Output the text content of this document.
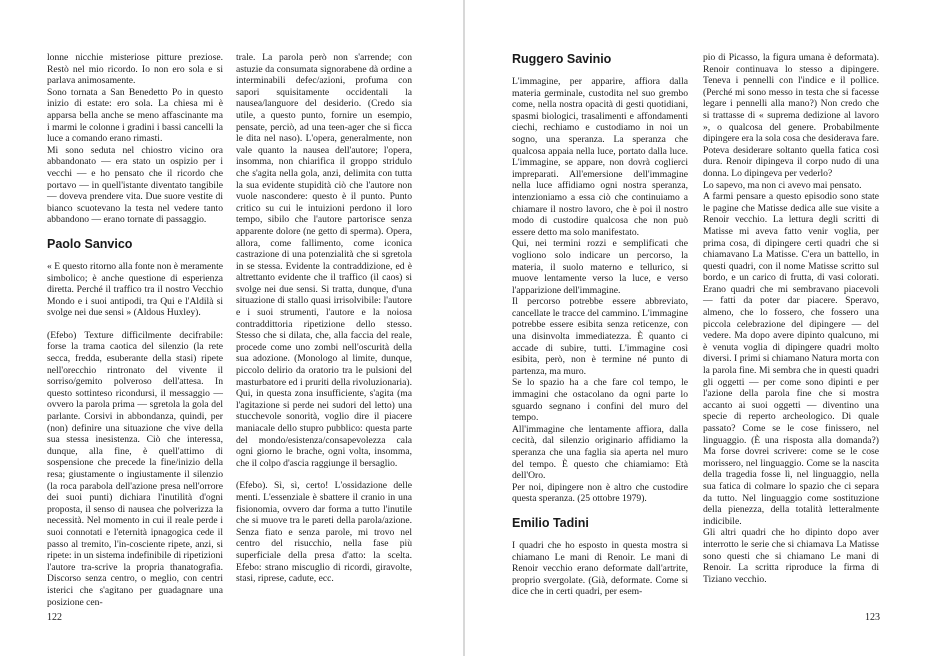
lonne nicchie misteriose pitture preziose. Restò nel mio ricordo. Io non ero sola e si parlava animosamente.

Sono tornata a San Benedetto Po in questo inizio di estate: ero sola. La chiesa mi è apparsa bella anche se meno affascinante ma i marmi le colonne i gradini i bassi cancelli la luce a comando erano rimasti.

Mi sono seduta nel chiostro vicino ora abbandonato — era stato un ospizio per i vecchi — e ho pensato che il ricordo che portavo — in quell'istante diventato tangibile — doveva prendere vita. Due suore vestite di bianco scuotevano la testa nel vedere tanto abbandono — erano tornate di passaggio.

Paolo Sanvico

« E questo ritorno alla fonte non è meramente simbolico; è anche questione di esperienza diretta. Perché il traffico tra il nostro Vecchio Mondo e i suoi antipodi, tra Qui e l'Aldilà si svolge nei due sensi » (Aldous Huxley).

(Efebo) Texture difficilmente decifrabile: forse la trama caotica del silenzio (la rete secca, fredda, esuberante della stasi) ripete nell'orecchio rintronato del vivente il sorriso/gemito polveroso dell'attesa. In questo sottinteso ricondursi, il messaggio — ovvero la parola prima — sgretola la gola del parlante. Corsivi in abbondanza, quindi, per (non) definire una situazione che vive della sua stessa inesistenza. Ciò che interessa, dunque, alla fine, è quell'attimo di sospensione che precede la fine/inizio della resa; giustamente o ingiustamente il silenzio (la roca parabola dell'azione presa nell'orrore dei suoi punti) dichiara l'inutilità d'ogni proposta, il senso di nausea che polverizza la necessità. Nel momento in cui il reale perde i suoi connotati e l'eternità ipnagogica cede il passo al tremito, l'in-cosciente ripete, anzi, si ripete: in un sistema indefinibile di ripetizioni l'autore tra-scrive la propria thanatografia. Discorso senza centro, o meglio, con centri isterici che s'agitano per guadagnare una posizione cen-

trale. La parola però non s'arrende; con astuzie da consumata signorabene dà ordine a interminabili defec/azioni, profuma con sapori squisitamente occidentali la nausea/languore del desiderio. (Credo sia utile, a questo punto, fornire un esempio, pensate, perciò, ad una teen-ager che si ficca le dita nel naso). L'opera, generalmente, non vale quanto la nausea dell'autore; l'opera, insomma, non chiarifica il groppo stridulo che s'agita nella gola, anzi, delimita con tutta la sua evidente stupidità ciò che l'autore non vuole nascondere: questo è il punto. Punto critico su cui le intuizioni perdono il loro tempo, sibilo che l'autore partorisce senza apparente dolore (ne getto di sperma). Opera, allora, come fallimento, come iconica castrazione di una potenzialità che si sgretola in se stessa. Evidente la contraddizione, ed è altrettanto evidente che il traffico (il caos) si svolge nei due sensi. Si tratta, dunque, d'una situazione di stallo quasi irrisolvibile: l'autore e i suoi strumenti, l'autore e la noiosa contraddittoria ripetizione dello stesso. Stesso che si dilata, che, alla faccia del reale, procede come uno zombi nell'oscurità della sua adozione. (Monologo al limite, dunque, piccolo delirio da oratorio tra le pulsioni del masturbatore ed i pruriti della rivoluzionaria). Qui, in questa zona insufficiente, s'agita (ma l'agitazione si perde nei sudori del letto) una stucchevole sonorità, voglio dire il piacere maniacale dello stupro pubblico: questa parte del mondo/esistenza/consapevolezza cala ogni giorno le brache, ogni volta, insomma, che il colpo d'ascia raggiunge il bersaglio.

(Efebo). Sì, sì, certo! L'ossidazione delle menti. L'essenziale è sbattere il cranio in una fisionomia, ovvero dar forma a tutto l'inutile che si muove tra le pareti della parola/azione. Senza fiato e senza parole, mi trovo nel centro del risucchio, nella fase più superficiale della presa d'atto: la scelta. Efebo: strano miscuglio di ricordi, giravolte, stasi, riprese, cadute, ecc.

122
Ruggero Savinio

L'immagine, per apparire, affiora dalla materia germinale, custodita nel suo grembo come, nella nostra opacità di gesti quotidiani, spasmi biologici, trasalimenti e affondamenti ciechi, rechiamo e custodiamo in noi un sogno, una speranza. La speranza che qualcosa appaia nella luce, portato dalla luce. L'immagine, se appare, non dovrà coglierci impreparati. All'emersione dell'immagine nella luce affidiamo ogni nostra speranza, intenzioniamo a essa ciò che continuiamo a chiamare il nostro lavoro, che è poi il nostro modo di custodire qualcosa che non può essere detto ma solo manifestato.

Qui, nei termini rozzi e semplificati che vogliono solo indicare un percorso, la materia, il suolo materno e tellurico, si muove lentamente verso la luce, e verso l'apparizione dell'immagine.

Il percorso potrebbe essere abbreviato, cancellate le tracce del cammino. L'immagine potrebbe essere esibita senza reticenze, con una disinvolta immediatezza. È quanto ci accade di subire, tutti. L'immagine così esibita, però, non è termine né punto di partenza, ma muro.

Se lo spazio ha a che fare col tempo, le immagini che ostacolano da ogni parte lo sguardo segnano i confini del muro del tempo.

All'immagine che lentamente affiora, dalla cecità, dal silenzio originario affidiamo la speranza che una faglia sia aperta nel muro del tempo. È questo che chiamiamo: Età dell'Oro.

Per noi, dipingere non è altro che custodire questa speranza. (25 ottobre 1979).

Emilio Tadini

I quadri che ho esposto in questa mostra si chiamano Le mani di Renoir. Le mani di Renoir vecchio erano deformate dall'artrite, proprio svergolate. (Già, deformate. Come si dice che in certi quadri, per esem-

pio di Picasso, la figura umana è deformata). Renoir continuava lo stesso a dipingere. Teneva i pennelli con l'indice e il pollice. (Perché mi sono messo in testa che si facesse legare i pennelli alla mano?) Non credo che si trattasse di « suprema dedizione al lavoro », o qualcosa del genere. Probabilmente dipingere era la sola cosa che desiderava fare. Poteva desiderare soltanto quella fatica così dura. Renoir dipingeva il corpo nudo di una donna. Lo dipingeva per vederlo?

Lo sapevo, ma non ci avevo mai pensato.

A farmi pensare a questo episodio sono state le pagine che Matisse dedica alle sue visite a Renoir vecchio. La lettura degli scritti di Matisse mi aveva fatto venir voglia, per prima cosa, di dipingere certi quadri che si chiamavano La Matisse. C'era un battello, in questi quadri, con il nome Matisse scritto sul bordo, e un carico di frutta, di vasi colorati. Erano quadri che mi sembravano piacevoli — fatti da poter dar piacere. Speravo, almeno, che lo fossero, che fossero una piccola celebrazione del dipingere — del vedere. Ma dopo avere dipinto qualcuno, mi è venuta voglia di dipingere quadri molto diversi. I primi si chiamano Natura morta con la parola fine. Mi sembra che in questi quadri gli oggetti — per come sono dipinti e per l'azione della parola fine che si mostra accanto ai suoi oggetti — diventino una specie di reperto archeologico. Di quale passato? Come se le cose finissero, nel linguaggio. (È una risposta alla domanda?) Ma forse dovrei scrivere: come se le cose morissero, nel linguaggio. Come se la nascita della tragedia fosse lì, nel linguaggio, nella sua fatica di colmare lo spazio che ci separa da tutto. Nel linguaggio come sostituzione della pienezza, della totalità letteralmente indicibile.

Gli altri quadri che ho dipinto dopo aver interrotto le serie che si chiamava La Matisse sono questi che si chiamano Le mani di Renoir. La scritta riproduce la firma di Tiziano vecchio.

123
